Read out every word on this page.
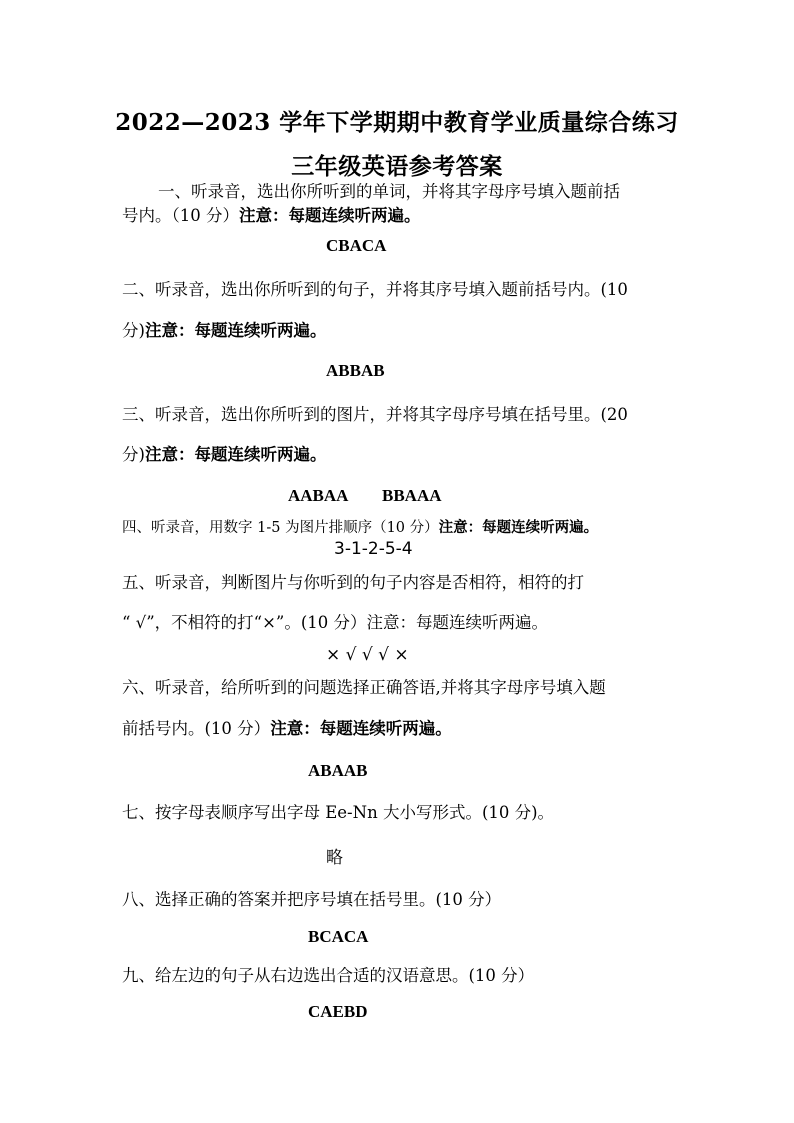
2022—2023 学年下学期期中教育学业质量综合练习
三年级英语参考答案
一、听录音，选出你所听到的单词，并将其字母序号填入题前括
号内。（10 分）注意：每题连续听两遍。
CBACA
二、听录音，选出你所听到的句子，并将其序号填入题前括号内。(10
分)注意：每题连续听两遍。
ABBAB
三、听录音，选出你所听到的图片，并将其字母序号填在括号里。(20
分)注意：每题连续听两遍。
AABAA BBAAA
四、听录音，用数字 1-5 为图片排顺序（10 分）注意：每题连续听两遍。
3-1-2-5-4
五、听录音，判断图片与你听到的句子内容是否相符，相符的打
“ √”，不相符的打“×”。(10 分）注意：每题连续听两遍。
× √ √ √ ×
六、听录音，给所听到的问题选择正确答语,并将其字母序号填入题
前括号内。(10 分）注意：每题连续听两遍。
ABAAB
七、按字母表顺序写出字母 Ee-Nn 大小写形式。(10 分)。
略
八、选择正确的答案并把序号填在括号里。(10 分）
BCACA
九、给左边的句子从右边选出合适的汉语意思。(10 分）
CAEBD
